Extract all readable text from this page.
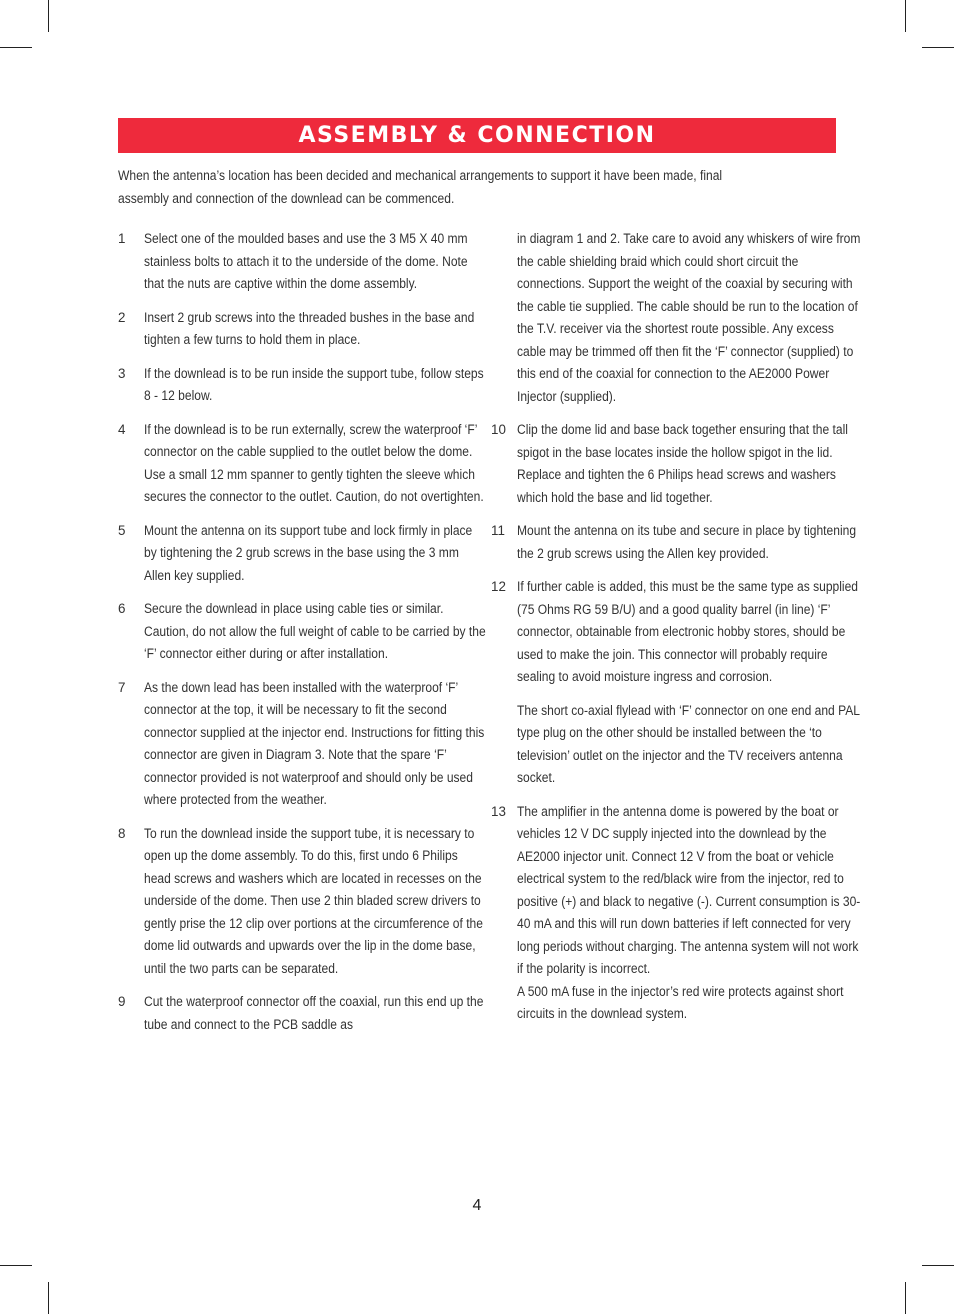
ASSEMBLY & CONNECTION
When the antenna’s location has been decided and mechanical arrangements to support it have been made, final assembly and connection of the downlead can be commenced.
1 Select one of the moulded bases and use the 3 M5 X 40 mm stainless bolts to attach it to the underside of the dome. Note that the nuts are captive within the dome assembly.
2 Insert 2 grub screws into the threaded bushes in the base and tighten a few turns to hold them in place.
3 If the downlead is to be run inside the support tube, follow steps 8 - 12 below.
4 If the downlead is to be run externally, screw the waterproof ‘F’ connector on the cable supplied to the outlet below the dome. Use a small 12 mm spanner to gently tighten the sleeve which secures the connector to the outlet. Caution, do not overtighten.
5 Mount the antenna on its support tube and lock firmly in place by tightening the 2 grub screws in the base using the 3 mm Allen key supplied.
6 Secure the downlead in place using cable ties or similar. Caution, do not allow the full weight of cable to be carried by the ‘F’ connector either during or after installation.
7 As the down lead has been installed with the waterproof ‘F’ connector at the top, it will be necessary to fit the second connector supplied at the injector end. Instructions for fitting this connector are given in Diagram 3. Note that the spare ‘F’ connector provided is not waterproof and should only be used where protected from the weather.
8 To run the downlead inside the support tube, it is necessary to open up the dome assembly. To do this, first undo 6 Philips head screws and washers which are located in recesses on the underside of the dome. Then use 2 thin bladed screw drivers to gently prise the 12 clip over portions at the circumference of the dome lid outwards and upwards over the lip in the dome base, until the two parts can be separated.
9 Cut the waterproof connector off the coaxial, run this end up the tube and connect to the PCB saddle as
in diagram 1 and 2. Take care to avoid any whiskers of wire from the cable shielding braid which could short circuit the connections. Support the weight of the coaxial by securing with the cable tie supplied. The cable should be run to the location of the T.V. receiver via the shortest route possible. Any excess cable may be trimmed off then fit the ‘F’ connector (supplied) to this end of the coaxial for connection to the AE2000 Power Injector (supplied).
10 Clip the dome lid and base back together ensuring that the tall spigot in the base locates inside the hollow spigot in the lid. Replace and tighten the 6 Philips head screws and washers which hold the base and lid together.
11 Mount the antenna on its tube and secure in place by tightening the 2 grub screws using the Allen key provided.
12 If further cable is added, this must be the same type as supplied (75 Ohms RG 59 B/U) and a good quality barrel (in line) ‘F’ connector, obtainable from electronic hobby stores, should be used to make the join. This connector will probably require sealing to avoid moisture ingress and corrosion.
The short co-axial flylead with ‘F’ connector on one end and PAL type plug on the other should be installed between the ‘to television’ outlet on the injector and the TV receivers antenna socket.
13 The amplifier in the antenna dome is powered by the boat or vehicles 12 V DC supply injected into the downlead by the AE2000 injector unit. Connect 12 V from the boat or vehicle electrical system to the red/black wire from the injector, red to positive (+) and black to negative (-). Current consumption is 30-40 mA and this will run down batteries if left connected for very long periods without charging. The antenna system will not work if the polarity is incorrect.
A 500 mA fuse in the injector’s red wire protects against short circuits in the downlead system.
4
